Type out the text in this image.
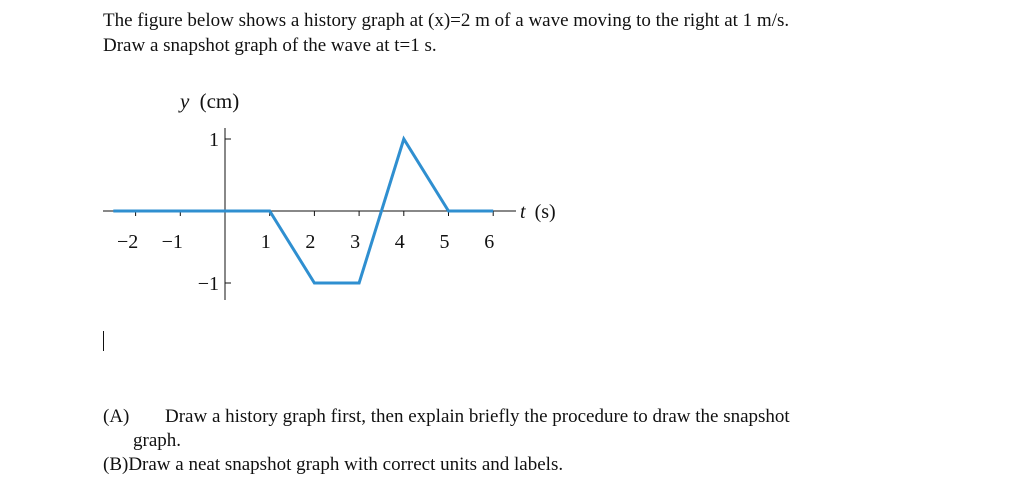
The figure below shows a history graph at (x)=2 m of a wave moving to the right at 1 m/s.
Draw a snapshot graph of the wave at t=1 s.
y (cm)
t (s)
−2 −1	1 2 3 4 5 6
1
−1
(A) Draw a history graph first, then explain briefly the procedure to draw the snapshot
graph.
(B)Draw a neat snapshot graph with correct units and labels.
